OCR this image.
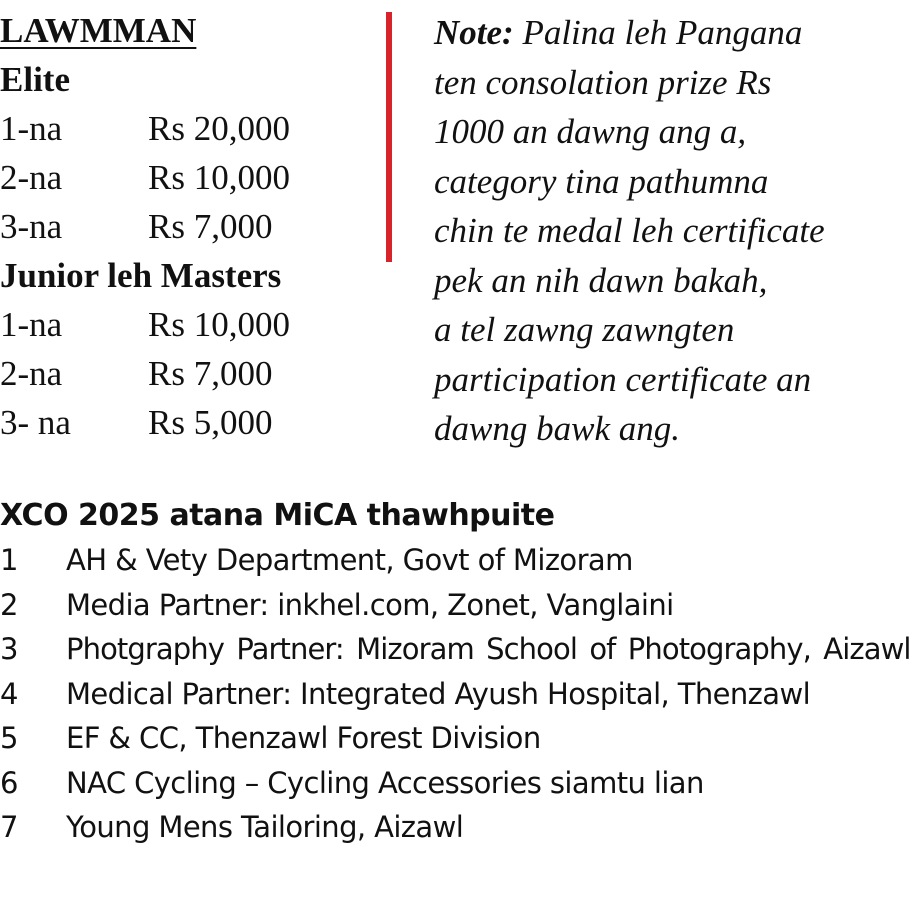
LAWMMAN
Elite
1-na	Rs 20,000
2-na	Rs 10,000
3-na	Rs 7,000
Junior leh Masters
1-na	Rs 10,000
2-na	Rs 7,000
3- na	Rs 5,000
Note: Palina leh Pangana
ten consolation prize Rs
1000 an dawng ang a,
category tina pathumna
chin te medal leh certificate
pek an nih dawn bakah,
a tel zawng zawngten
participation certificate an
dawng bawk ang.
XCO 2025 atana MiCA thawhpuite
1	AH & Vety Department, Govt of Mizoram
2	Media Partner: inkhel.com, Zonet, Vanglaini
3	Photgraphy Partner: Mizoram School of Photography, Aizawl
4	Medical Partner: Integrated Ayush Hospital, Thenzawl
5	EF & CC, Thenzawl Forest Division
6	NAC Cycling – Cycling Accessories siamtu lian
7	Young Mens Tailoring, Aizawl
